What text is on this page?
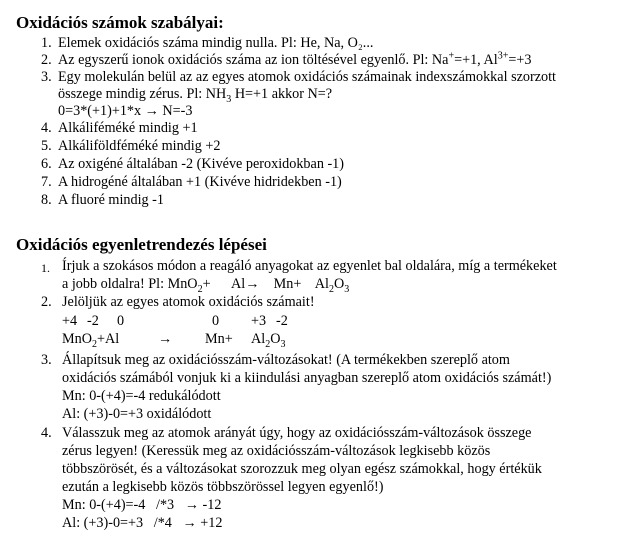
Oxidációs számok szabályai:
1. Elemek oxidációs száma mindig nulla. Pl: He, Na, O₂...
2. Az egyszerű ionok oxidációs száma az ion töltésével egyenlő. Pl: Na+=+1, $Al^{3+}=+3$
3. Egy molekulán belül az az egyes atomok oxidációs számainak indexszámokkal szorzott
összege mindig zérus. Pl: $NH_3$ H=+1 akkor N=?
0=3*(+1)+1*x → N=-3
4. Alkáliféméké mindig +1
5. Alkáliföldféméké mindig +2
6. Az oxigéné általában -2 (Kivéve peroxidokban -1)
7. A hidrogéné általában +1 (Kivéve hidridekben -1)
8. A fluoré mindig -1
Oxidációs egyenletrendezés lépései
1. Írjuk a szokásos módon a reagáló anyagokat az egyenlet bal oldalára, míg a termékeket
a jobb oldalra! Pl: MnO$_2$+      Al→    Mn+    $Al_2O_3$
2. Jelöljük az egyes atomok oxidációs számait!
+4 -2 0	0 +3 -2
MnO$_2$+Al	→ $Mn+ Al_2O_3$
3. Állapítsuk meg az oxidációsszám-változásokat! (A termékekben szereplő atom
oxidációs számából vonjuk ki a kiindulási anyagban szereplő atom oxidációs számát!)
Mn: 0-(+4)=-4 redukálódott
Al: (+3)-0=+3 oxidálódott
4. Válasszuk meg az atomok arányát úgy, hogy az oxidációsszám-változások összege
zérus legyen! (Keressük meg az oxidációsszám-változások legkisebb közös
többszörösét, és a változásokat szorozzuk meg olyan egész számokkal, hogy értékük
ezután a legkisebb közös többszörössel legyen egyenlő!)
Mn: 0-(+4)=-4   /*3   → -12
Al: (+3)-0=+3   /*4   → +12
